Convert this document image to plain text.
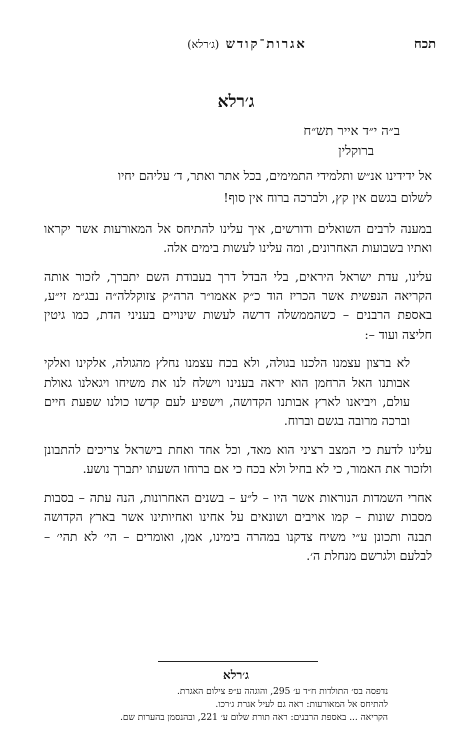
תכח
אגרות־קודש (ג׳רלא)
ג׳רלא
ב״ה י״ד אייר תש״ח
ברוקלין

אל ידידינו אנ״ש ותלמידי התמימים, בכל אתר ואתר, ד׳ עליהם יחיו

לשלום בגשם אין קץ, ולברכה ברוח אין סוף!

במענה לרבים השואלים ודורשים, איך עלינו להתיחס אל המאורעות אשר יקראו ואתיו בשבועות האחרונים, ומה עלינו לעשות בימים אלה.

עלינו, עדת ישראל היראים, בלי הבדל דרך בעבודת השם יתברך, לזכור אותה הקריאה הנפשית אשר הכריז הוד כ״ק אאמו״ר הרה״ק צזוקללה״ה נבג״מ זי״ע, באספת הרבנים – כשהממשלה דרשה לעשות שינויים בעניני הדת, כמו גיטין חליצה ועוד –:

לא ברצון עצמנו הלכנו בגולה, ולא בכח עצמנו נחלץ מהגולה, אלקינו ואלקי אבותנו האל הרחמן הוא יראה בענינו וישלח לנו את משיחו ויגאלנו גאולת עולם, ויביאנו לארץ אבותנו הקדושה, וישפיע לעם קדשו כולנו שפעת חיים וברכה מרובה בגשם וברוח.

עלינו לדעת כי המצב רציני הוא מאד, וכל אחד ואחת בישראל צריכים להתבונן ולזכור את האמור, כי לא בחיל ולא בכח כי אם ברוחו השעתו יתברך נושע.

אחרי השמדות הנוראות אשר היו – ל״ע – בשנים האחרונות, הנה עתה – בסבות מסבות שונות – קמו אויבים ושונאים על אחינו ואחיותינו אשר בארץ הקדושה תבנה ותכונן ע״י משיח צדקנו במהרה בימינו, אמן, ואומרים – הי׳ לא תהי׳ – לבלעם ולגרשם מנחלת ה׳.

ג׳רלא
נדפסה בס׳ התולדות ח״ד ע׳ 295, והוגהה ע״פ צילום האגרת.
להתיחס אל המאורעות: ראה גם לעיל אגרת ג׳רכו.
הקריאה ... באספת הרבנים: ראה תורת שלום ע׳ 221, ובהנסמן בהערות שם.
